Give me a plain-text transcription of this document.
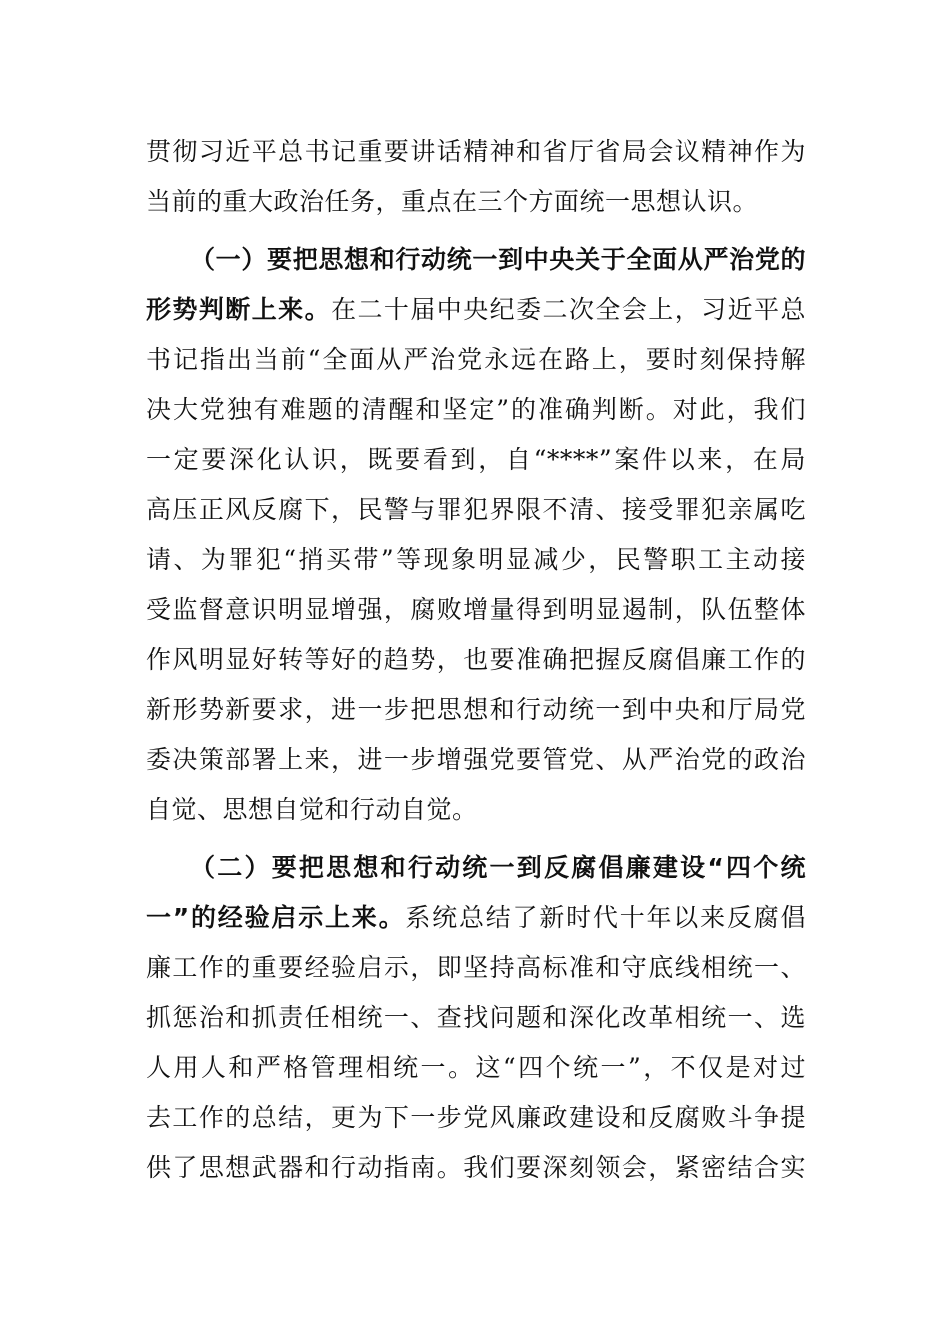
贯彻习近平总书记重要讲话精神和省厅省局会议精神作为
当前的重大政治任务，重点在三个方面统一思想认识。
（一）要把思想和行动统一到中央关于全面从严治党的
形势判断上来。在二十届中央纪委二次全会上，习近平总
书记指出当前“全面从严治党永远在路上，要时刻保持解
决大党独有难题的清醒和坚定”的准确判断。对此，我们
一定要深化认识，既要看到，自“****”案件以来，在局
高压正风反腐下，民警与罪犯界限不清、接受罪犯亲属吃
请、为罪犯“捎买带”等现象明显减少，民警职工主动接
受监督意识明显增强，腐败增量得到明显遏制，队伍整体
作风明显好转等好的趋势，也要准确把握反腐倡廉工作的
新形势新要求，进一步把思想和行动统一到中央和厅局党
委决策部署上来，进一步增强党要管党、从严治党的政治
自觉、思想自觉和行动自觉。
（二）要把思想和行动统一到反腐倡廉建设“四个统
一”的经验启示上来。系统总结了新时代十年以来反腐倡
廉工作的重要经验启示，即坚持高标准和守底线相统一、
抓惩治和抓责任相统一、查找问题和深化改革相统一、选
人用人和严格管理相统一。这“四个统一”，不仅是对过
去工作的总结，更为下一步党风廉政建设和反腐败斗争提
供了思想武器和行动指南。我们要深刻领会，紧密结合实
